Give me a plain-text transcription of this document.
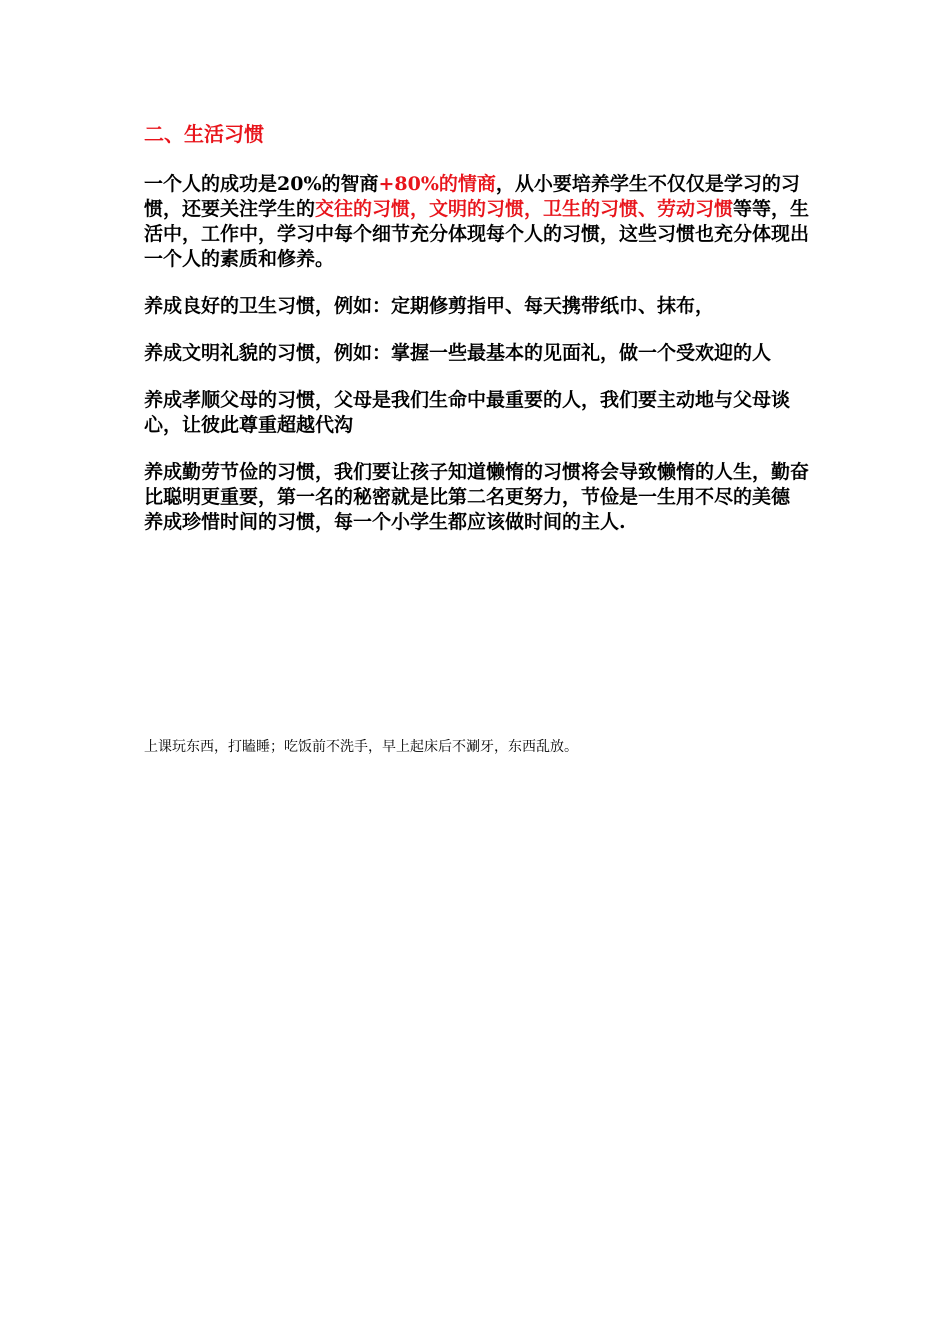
二、生活习惯
一个人的成功是20%的智商+80%的情商，从小要培养学生不仅仅是学习的习惯，还要关注学生的交往的习惯，文明的习惯，卫生的习惯、劳动习惯等等，生活中，工作中，学习中每个细节充分体现每个人的习惯，这些习惯也充分体现出一个人的素质和修养。
养成良好的卫生习惯，例如：定期修剪指甲、每天携带纸巾、抹布，
养成文明礼貌的习惯，例如：掌握一些最基本的见面礼，做一个受欢迎的人
养成孝顺父母的习惯，父母是我们生命中最重要的人，我们要主动地与父母谈心，让彼此尊重超越代沟
养成勤劳节俭的习惯，我们要让孩子知道懒惰的习惯将会导致懒惰的人生，勤奋比聪明更重要，第一名的秘密就是比第二名更努力，节俭是一生用不尽的美德
养成珍惜时间的习惯，每一个小学生都应该做时间的主人.
上课玩东西，打瞌睡；吃饭前不洗手，早上起床后不涮牙，东西乱放。
